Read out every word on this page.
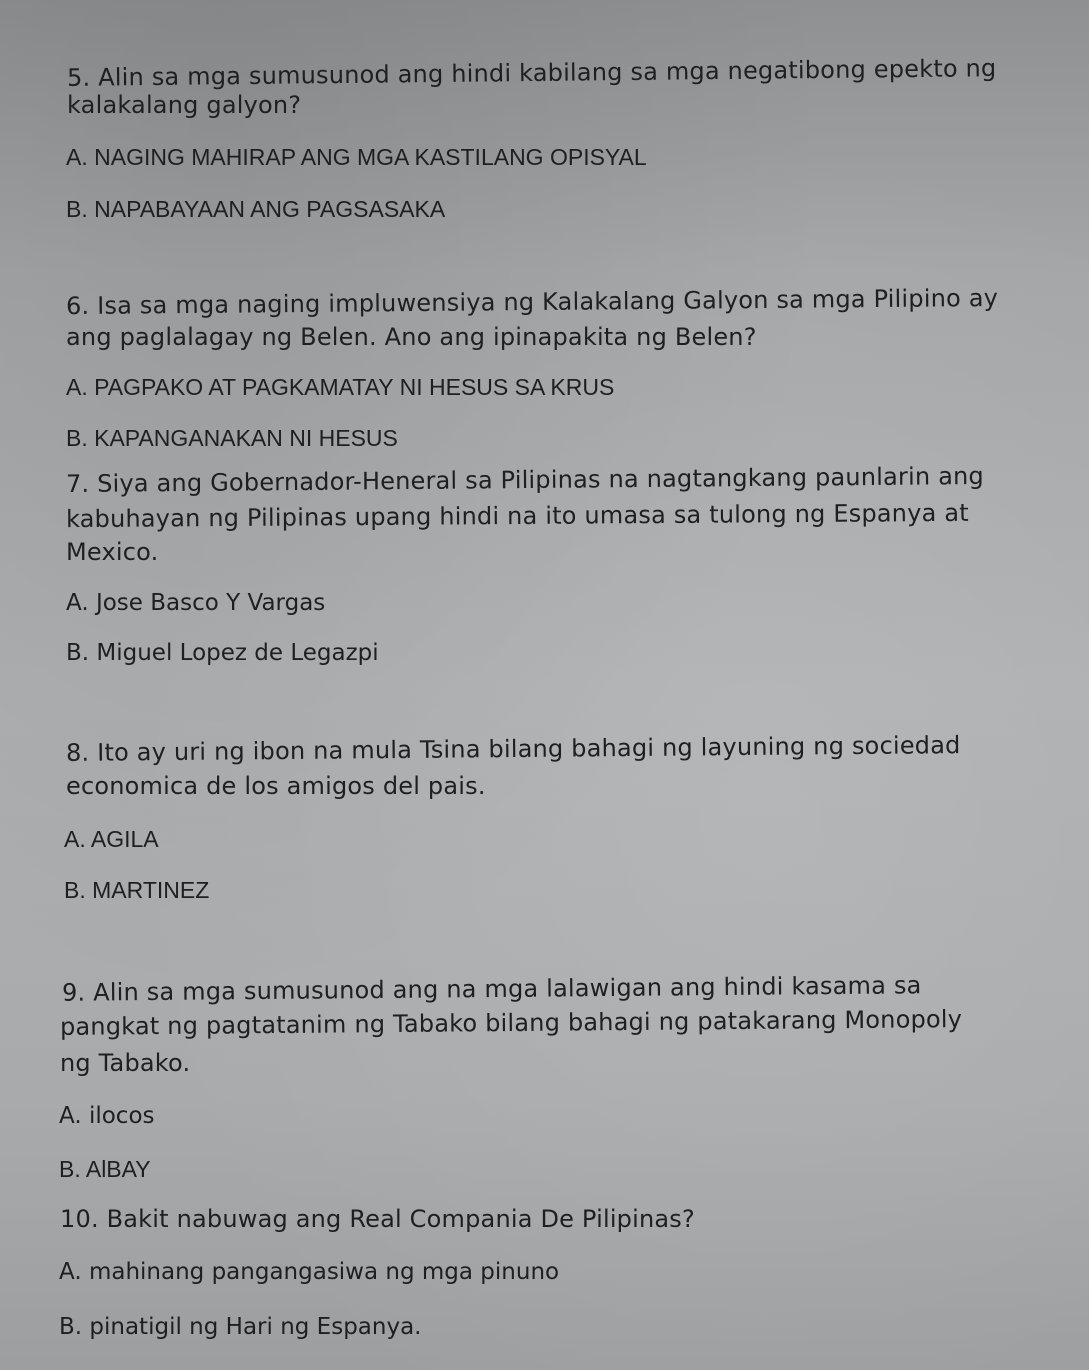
5. Alin sa mga sumusunod ang hindi kabilang sa mga negatibong epekto ng
kalakalang galyon?
A. NAGING MAHIRAP ANG MGA KASTILANG OPISYAL
B. NAPABAYAAN ANG PAGSASAKA
6. Isa sa mga naging impluwensiya ng Kalakalang Galyon sa mga Pilipino ay
ang paglalagay ng Belen. Ano ang ipinapakita ng Belen?
A. PAGPAKO AT PAGKAMATAY NI HESUS SA KRUS
B. KAPANGANAKAN NI HESUS
7. Siya ang Gobernador-Heneral sa Pilipinas na nagtangkang paunlarin ang
kabuhayan ng Pilipinas upang hindi na ito umasa sa tulong ng Espanya at
Mexico.
A. Jose Basco Y Vargas
B. Miguel Lopez de Legazpi
8. Ito ay uri ng ibon na mula Tsina bilang bahagi ng layuning ng sociedad
economica de los amigos del pais.
A. AGILA
B. MARTINEZ
9. Alin sa mga sumusunod ang na mga lalawigan ang hindi kasama sa
pangkat ng pagtatanim ng Tabako bilang bahagi ng patakarang Monopoly
ng Tabako.
A. ilocos
B. AlBAY
10. Bakit nabuwag ang Real Compania De Pilipinas?
A. mahinang pangangasiwa ng mga pinuno
B. pinatigil ng Hari ng Espanya.
